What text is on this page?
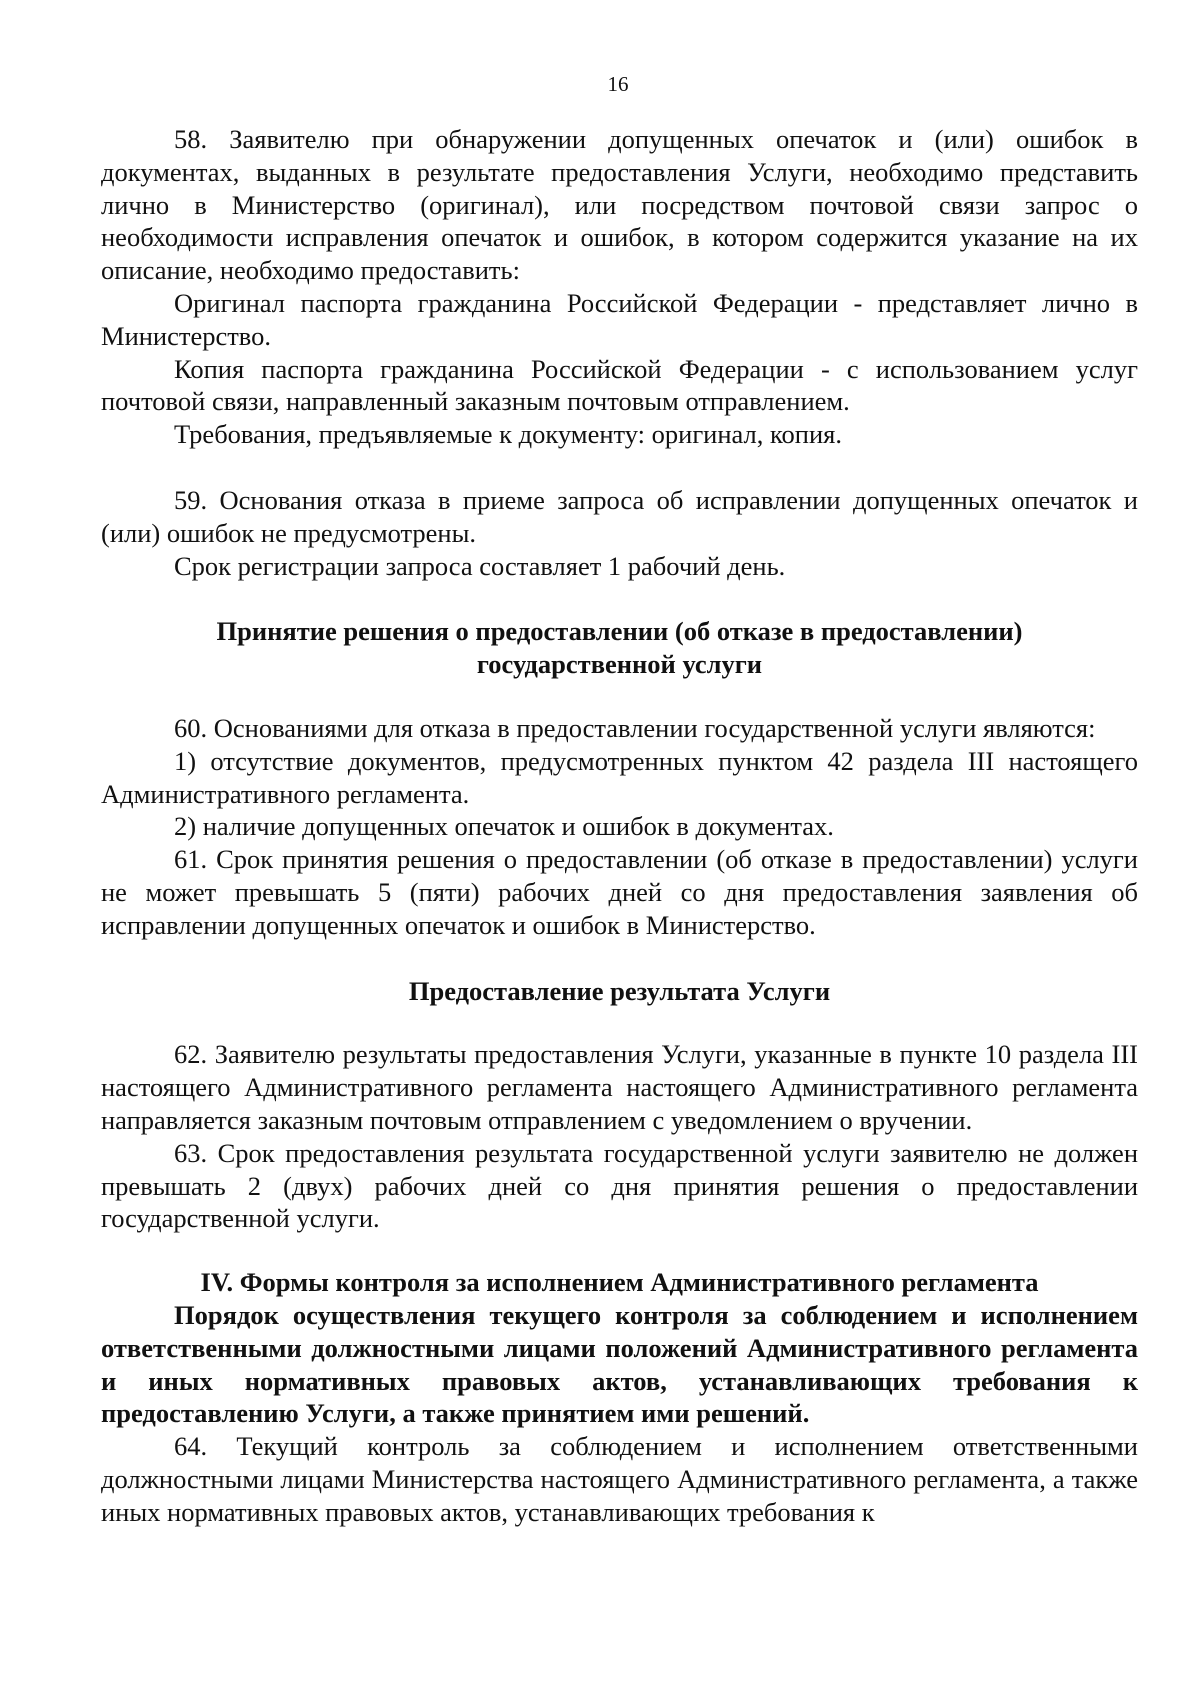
16

58. Заявителю при обнаружении допущенных опечаток и (или) ошибок в документах, выданных в результате предоставления Услуги, необходимо представить лично в Министерство (оригинал), или посредством почтовой связи запрос о необходимости исправления опечаток и ошибок, в котором содержится указание на их описание, необходимо предоставить:

Оригинал паспорта гражданина Российской Федерации - представляет лично в Министерство.

Копия паспорта гражданина Российской Федерации - с использованием услуг почтовой связи, направленный заказным почтовым отправлением.

Требования, предъявляемые к документу: оригинал, копия.

59. Основания отказа в приеме запроса об исправлении допущенных опечаток и (или) ошибок не предусмотрены.

Срок регистрации запроса составляет 1 рабочий день.

Принятие решения о предоставлении (об отказе в предоставлении)
государственной услуги

60. Основаниями для отказа в предоставлении государственной услуги являются:

1) отсутствие документов, предусмотренных пунктом 42 раздела III настоящего Административного регламента.

2) наличие допущенных опечаток и ошибок в документах.

61. Срок принятия решения о предоставлении (об отказе в предоставлении) услуги не может превышать 5 (пяти) рабочих дней со дня предоставления заявления об исправлении допущенных опечаток и ошибок в Министерство.

Предоставление результата Услуги

62. Заявителю результаты предоставления Услуги, указанные в пункте 10 раздела III настоящего Административного регламента настоящего Административного регламента направляется заказным почтовым отправлением с уведомлением о вручении.

63. Срок предоставления результата государственной услуги заявителю не должен превышать 2 (двух) рабочих дней со дня принятия решения о предоставлении государственной услуги.

IV. Формы контроля за исполнением Административного регламента

Порядок осуществления текущего контроля за соблюдением и исполнением ответственными должностными лицами положений Административного регламента и иных нормативных правовых актов, устанавливающих требования к предоставлению Услуги, а также принятием ими решений.

64. Текущий контроль за соблюдением и исполнением ответственными должностными лицами Министерства настоящего Административного регламента, а также иных нормативных правовых актов, устанавливающих требования к
